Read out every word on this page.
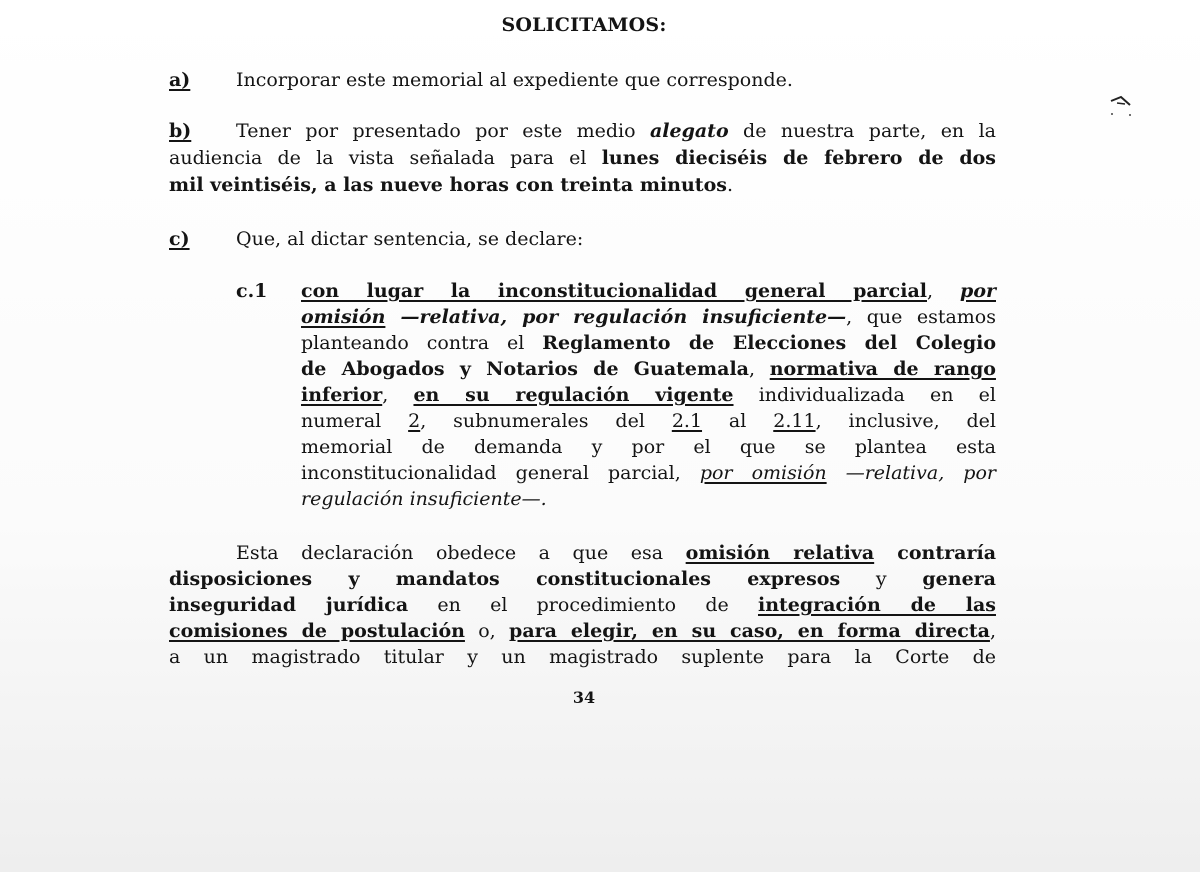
SOLICITAMOS:
a) Incorporar este memorial al expediente que corresponde.
b) Tener por presentado por este medio alegato de nuestra parte, en la
audiencia de la vista señalada para el lunes dieciséis de febrero de dos
mil veintiséis, a las nueve horas con treinta minutos.
c) Que, al dictar sentencia, se declare:
c.1 con lugar la inconstitucionalidad general parcial, por
omisión —relativa, por regulación insuficiente—, que estamos
planteando contra el Reglamento de Elecciones del Colegio
de Abogados y Notarios de Guatemala, normativa de rango
inferior, en su regulación vigente individualizada en el
numeral 2, subnumerales del 2.1 al 2.11, inclusive, del
memorial de demanda y por el que se plantea esta
inconstitucionalidad general parcial, por omisión —relativa, por
regulación insuficiente—.
Esta declaración obedece a que esa omisión relativa contraría
disposiciones y mandatos constitucionales expresos y genera
inseguridad jurídica en el procedimiento de integración de las
comisiones de postulación o, para elegir, en su caso, en forma directa,
a un magistrado titular y un magistrado suplente para la Corte de
34
